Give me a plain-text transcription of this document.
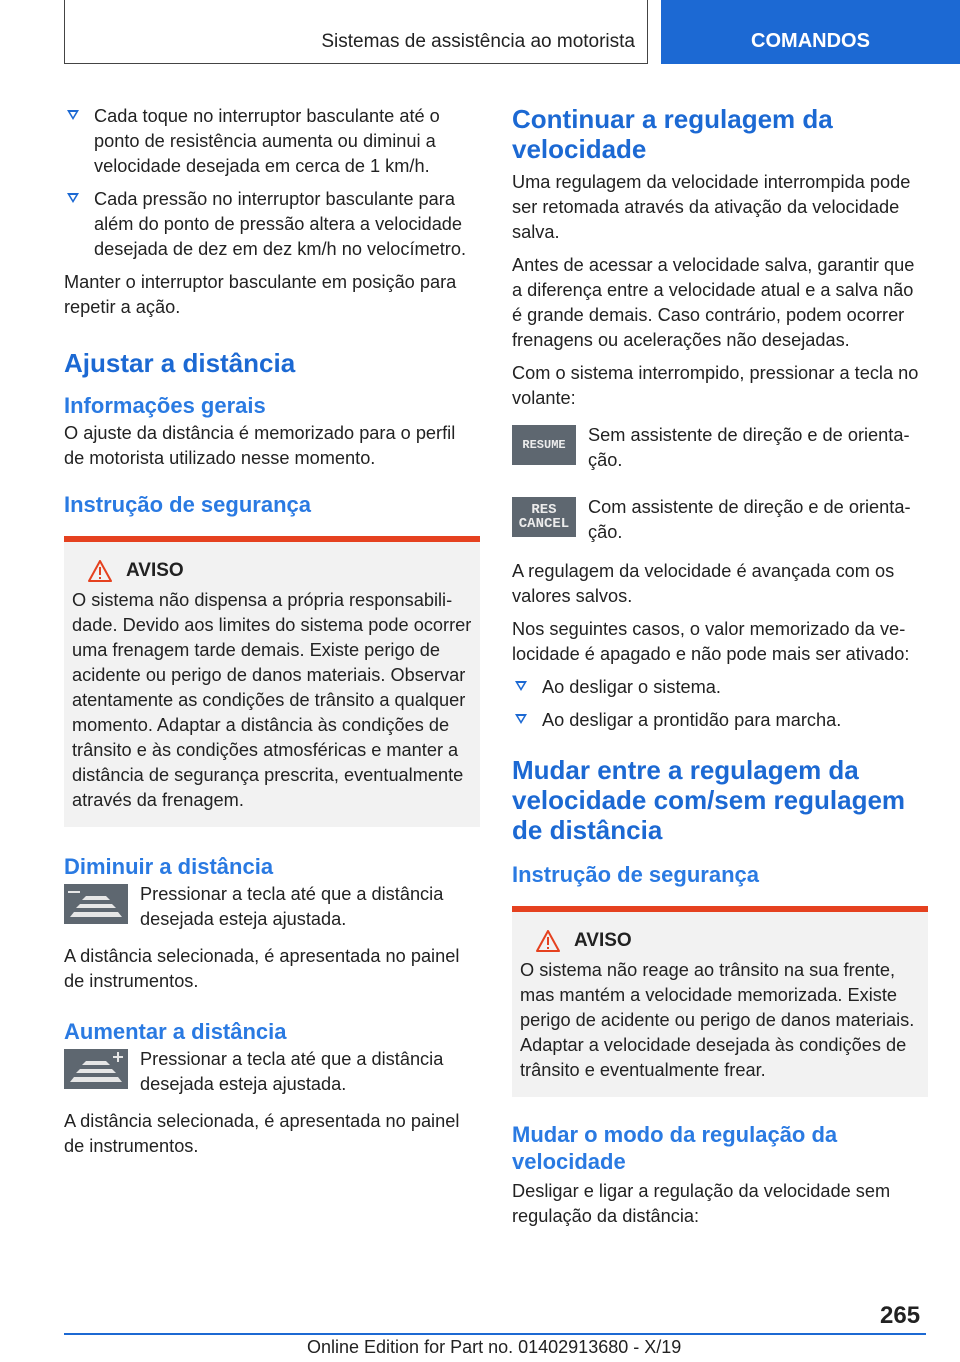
Sistemas de assistência ao motorista	COMANDOS
Cada toque no interruptor basculante até o ponto de resistência aumenta ou diminui a velocidade desejada em cerca de 1 km/h.
Cada pressão no interruptor basculante para além do ponto de pressão altera a velocidade desejada de dez em dez km/h no velocímetro.

Manter o interruptor basculante em posição para repetir a ação.

Ajustar a distância
Informações gerais

O ajuste da distância é memorizado para o perfil de motorista utilizado nesse momento.

Instrução de segurança
AVISO

O sistema não dispensa a própria responsabilidade. Devido aos limites do sistema pode ocorrer uma frenagem tarde demais. Existe perigo de acidente ou perigo de danos materiais. Observar atentamente as condições de trânsito a qualquer momento. Adaptar a distância às condições de trânsito e às condições atmosféricas e manter a distância de segurança prescrita, eventualmente através da frenagem.

Diminuir a distância

Pressionar a tecla até que a distância desejada esteja ajustada.

A distância selecionada, é apresentada no painel de instrumentos.

Aumentar a distância

Pressionar a tecla até que a distância desejada esteja ajustada.

A distância selecionada, é apresentada no painel de instrumentos.

Continuar a regulagem da velocidade

Uma regulagem da velocidade interrompida pode ser retomada através da ativação da velocidade salva.

Antes de acessar a velocidade salva, garantir que a diferença entre a velocidade atual e a salva não é grande demais. Caso contrário, podem ocorrer frenagens ou acelerações não desejadas.

Com o sistema interrompido, pressionar a tecla no volante:

RESUME Sem assistente de direção e de orientação.

RES
CANCEL

Com assistente de direção e de orientação.

A regulagem da velocidade é avançada com os valores salvos.

Nos seguintes casos, o valor memorizado da velocidade é apagado e não pode mais ser ativado:

Ao desligar o sistema.
Ao desligar a prontidão para marcha.
Mudar entre a regulagem da velocidade com/sem regulagem de distância
Instrução de segurança
AVISO

O sistema não reage ao trânsito na sua frente, mas mantém a velocidade memorizada. Existe perigo de acidente ou perigo de danos materiais. Adaptar a velocidade desejada às condições de trânsito e eventualmente frear.

Mudar o modo da regulação da velocidade

Desligar e ligar a regulação da velocidade sem regulação da distância:

265
Online Edition for Part no. 01402913680 - X/19
